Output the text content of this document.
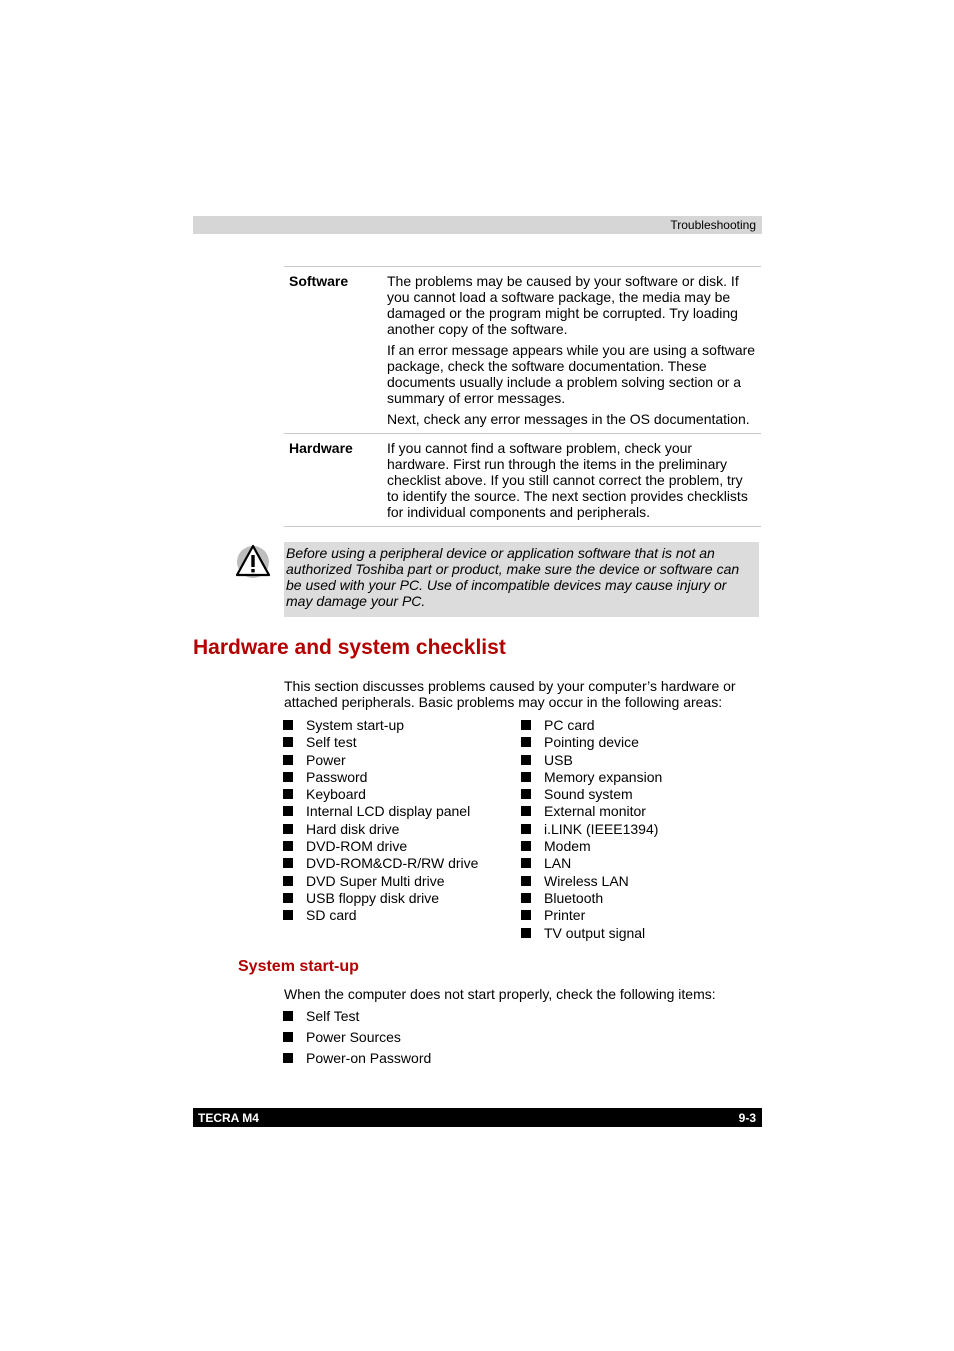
Troubleshooting
Software	The problems may be caused by your software or disk. If you cannot load a software package, the media may be damaged or the program might be corrupted. Try loading another copy of the software.

If an error message appears while you are using a software package, check the software documentation. These documents usually include a problem solving section or a summary of error messages.

Next, check any error messages in the OS documentation.

Hardware	If you cannot find a software problem, check your hardware. First run through the items in the preliminary checklist above. If you still cannot correct the problem, try to identify the source. The next section provides checklists for individual components and peripherals.

Before using a peripheral device or application software that is not an authorized Toshiba part or product, make sure the device or software can be used with your PC. Use of incompatible devices may cause injury or may damage your PC.
Hardware and system checklist

This section discusses problems caused by your computer’s hardware or attached peripherals. Basic problems may occur in the following areas:

System start-up
Self test
Power
Password
Keyboard
Internal LCD display panel
Hard disk drive
DVD-ROM drive
DVD-ROM&CD-R/RW drive
DVD Super Multi drive
USB floppy disk drive
SD card
PC card
Pointing device
USB
Memory expansion
Sound system
External monitor
i.LINK (IEEE1394)
Modem
LAN
Wireless LAN
Bluetooth
Printer
TV output signal
System start-up

When the computer does not start properly, check the following items:

Self Test
Power Sources
Power-on Password
TECRA M4	9-3
